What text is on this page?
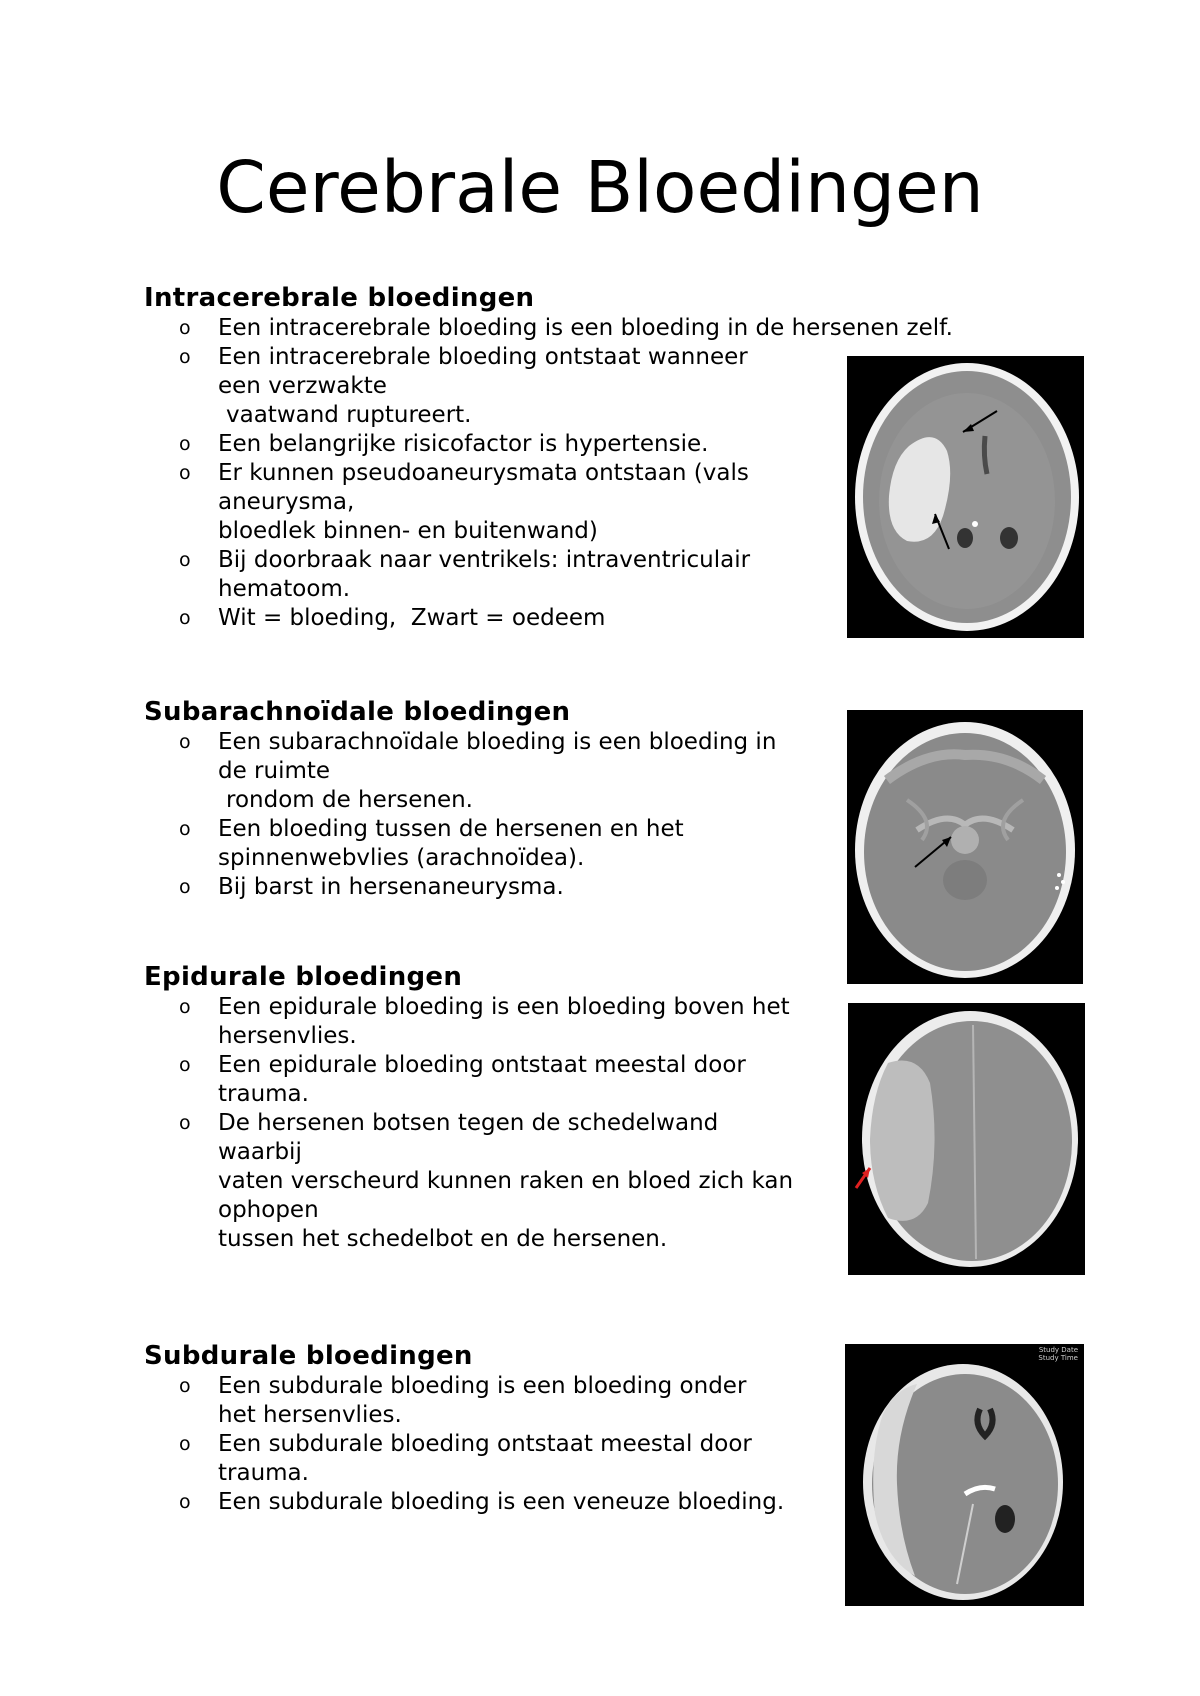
Cerebrale Bloedingen
Intracerebrale bloedingen
o Een intracerebrale bloeding is een bloeding in de hersenen zelf.
o Een intracerebrale bloeding ontstaat wanneer
een verzwakte
vaatwand ruptureert.
o Een belangrijke risicofactor is hypertensie.
o Er kunnen pseudoaneurysmata ontstaan (vals
aneurysma,
bloedlek binnen- en buitenwand)
o Bij doorbraak naar ventrikels: intraventriculair
hematoom.
o Wit = bloeding,  Zwart = oedeem
Subarachnoïdale bloedingen
o Een subarachnoïdale bloeding is een bloeding in
de ruimte
rondom de hersenen.
o Een bloeding tussen de hersenen en het
spinnenwebvlies (arachnoïdea).
o Bij barst in hersenaneurysma.
Epidurale bloedingen
o Een epidurale bloeding is een bloeding boven het
hersenvlies.
o Een epidurale bloeding ontstaat meestal door
trauma.
o De hersenen botsen tegen de schedelwand
waarbij
vaten verscheurd kunnen raken en bloed zich kan
ophopen
tussen het schedelbot en de hersenen.
Subdurale bloedingen
o Een subdurale bloeding is een bloeding onder
het hersenvlies.
o Een subdurale bloeding ontstaat meestal door
trauma.
o Een subdurale bloeding is een veneuze bloeding.
Study Date
Study Time
